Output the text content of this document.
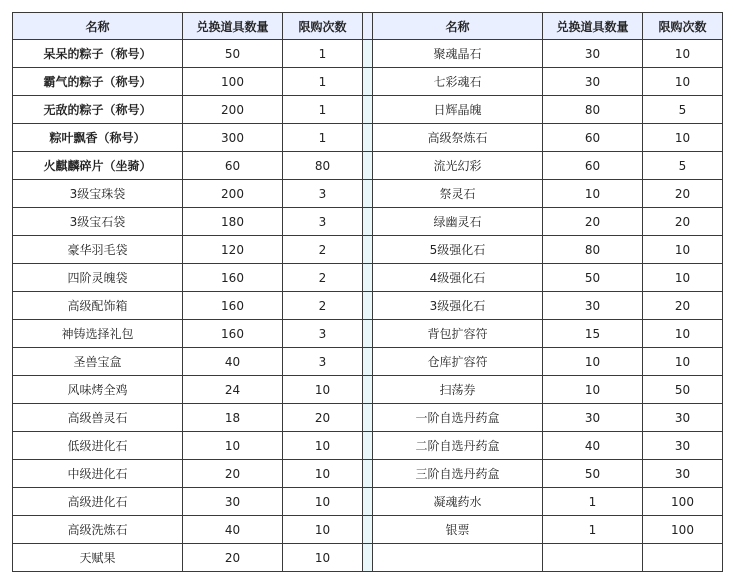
名称	兑换道具数量	限购次数		名称	兑换道具数量	限购次数
呆呆的粽子（称号）	50	1		聚魂晶石	30	10
霸气的粽子（称号）	100	1		七彩魂石	30	10
无敌的粽子（称号）	200	1		日辉晶魄	80	5
粽叶飘香（称号）	300	1		高级祭炼石	60	10
火麒麟碎片（坐骑）	60	80		流光幻彩	60	5
3级宝珠袋	200	3		祭灵石	10	20
3级宝石袋	180	3		绿幽灵石	20	20
豪华羽毛袋	120	2		5级强化石	80	10
四阶灵魄袋	160	2		4级强化石	50	10
高级配饰箱	160	2		3级强化石	30	20
神铸选择礼包	160	3		背包扩容符	15	10
圣兽宝盒	40	3		仓库扩容符	10	10
风味烤全鸡	24	10		扫荡券	10	50
高级兽灵石	18	20		一阶自选丹药盒	30	30
低级进化石	10	10		二阶自选丹药盒	40	30
中级进化石	20	10		三阶自选丹药盒	50	30
高级进化石	30	10		凝魂药水	1	100
高级洗炼石	40	10		银票	1	100
天赋果	20	10				
